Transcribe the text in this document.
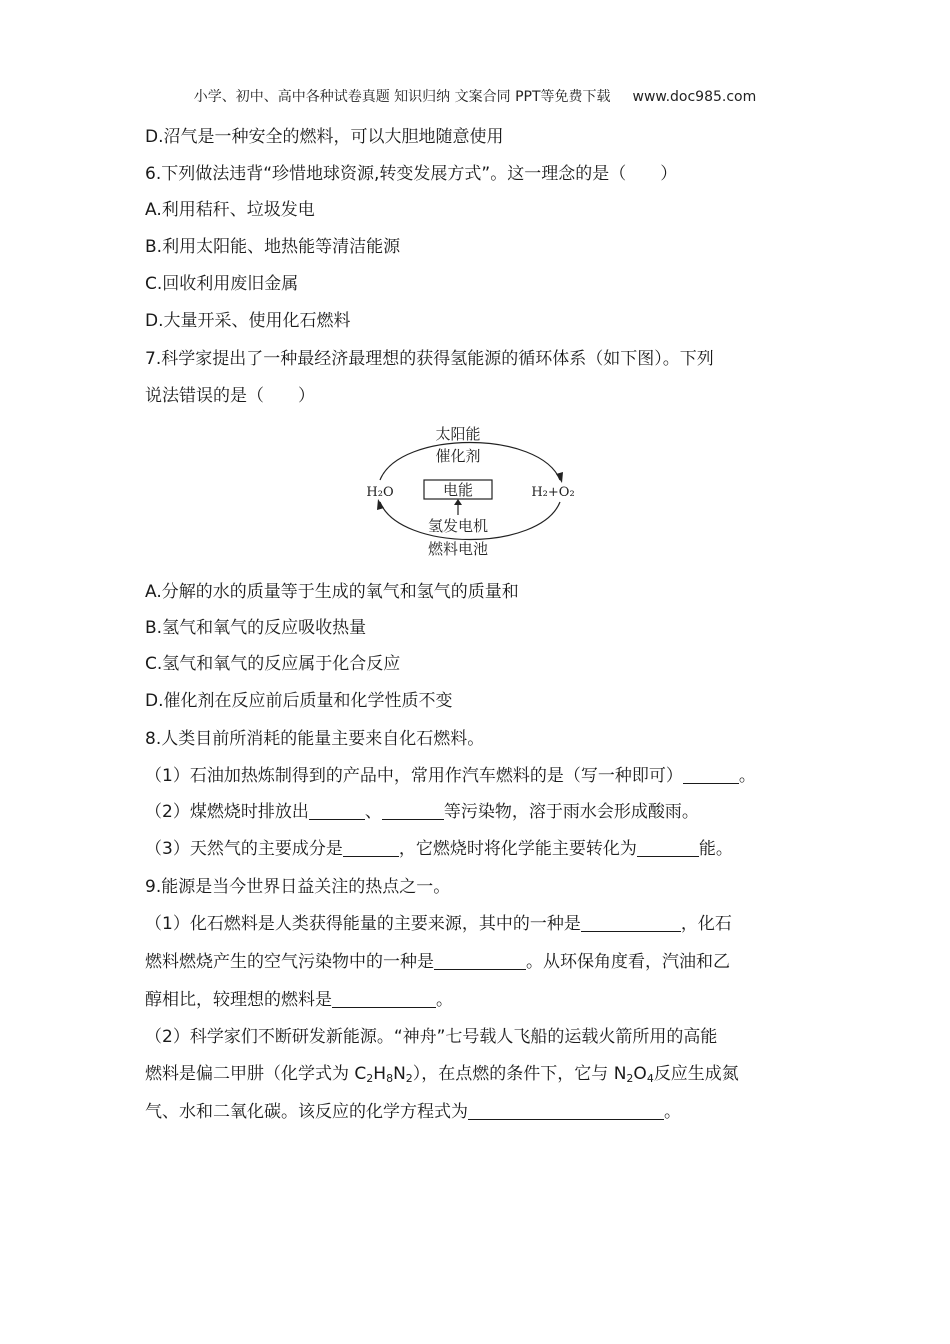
小学、初中、高中各种试卷真题 知识归纳 文案合同 PPT等免费下载 www.doc985.com
D.沼气是一种安全的燃料，可以大胆地随意使用
6.下列做法违背“珍惜地球资源,转变发展方式”。这一理念的是（　　）
A.利用秸秆、垃圾发电
B.利用太阳能、地热能等清洁能源
C.回收利用废旧金属
D.大量开采、使用化石燃料
7.科学家提出了一种最经济最理想的获得氢能源的循环体系（如下图）。下列
说法错误的是（　　）
太阳能
催化剂
H₂O	电能	H₂+O₂
氢发电机
燃料电池
A.分解的水的质量等于生成的氧气和氢气的质量和
B.氢气和氧气的反应吸收热量
C.氢气和氧气的反应属于化合反应
D.催化剂在反应前后质量和化学性质不变
8.人类目前所消耗的能量主要来自化石燃料。
（1）石油加热炼制得到的产品中，常用作汽车燃料的是（写一种即可）	。
（2）煤燃烧时排放出	、	等污染物，溶于雨水会形成酸雨。
（3）天然气的主要成分是	，它燃烧时将化学能主要转化为	能。
9.能源是当今世界日益关注的热点之一。
（1）化石燃料是人类获得能量的主要来源，其中的一种是	，化石
燃料燃烧产生的空气污染物中的一种是	。从环保角度看，汽油和乙
醇相比，较理想的燃料是	。
（2）科学家们不断研发新能源。“神舟”七号载人飞船的运载火箭所用的高能
燃料是偏二甲肼（化学式为 $C_2H_8N_2$），在点燃的条件下，它与 $N_2O_4$反应生成氮
气、水和二氧化碳。该反应的化学方程式为	。
